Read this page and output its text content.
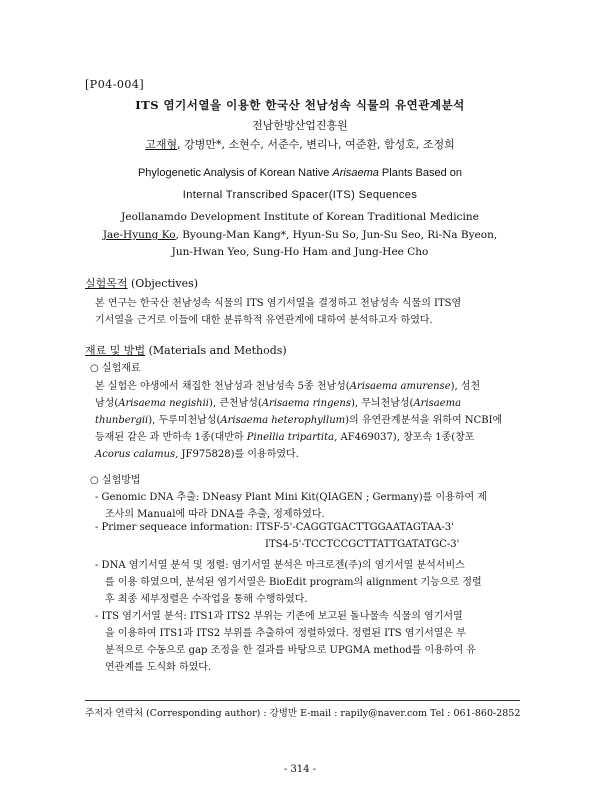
[P04-004]
ITS 염기서열을 이용한 한국산 천남성속 식물의 유연관계분석
전남한방산업진흥원
고재형, 강병만*, 소현수, 서준수, 변리나, 여준환, 함성호, 조정희
Phylogenetic Analysis of Korean Native Arisaema Plants Based on
Internal Transcribed Spacer(ITS) Sequences
Jeollanamdo Development Institute of Korean Traditional Medicine
Jae-Hyung Ko, Byoung-Man Kang*, Hyun-Su So, Jun-Su Seo, Ri-Na Byeon,
Jun-Hwan Yeo, Sung-Ho Ham and Jung-Hee Cho
실험목적 (Objectives)
본 연구는 한국산 천남성속 식물의 ITS 염기서열을 결정하고 천남성속 식물의 ITS염
기서열을 근거로 이들에 대한 분류학적 유연관계에 대하여 분석하고자 하였다.
재료 및 방법 (Materials and Methods)
○ 실험재료
본 실험은 야생에서 채집한 천남성과 천남성속 5종 천남성(Arisaema amurense), 섬천
남성(Arisaema negishii), 큰천남성(Arisaema ringens), 무늬천남성(Arisaema
thunbergii), 두루미천남성(Arisaema heterophyllum)의 유연관계분석을 위하여 NCBI에
등재된 같은 과 반하속 1종(대반하 Pinellia tripartita, AF469037), 창포속 1종(창포
Acorus calamus, JF975828)를 이용하였다.
○ 실험방법
- Genomic DNA 추출: DNeasy Plant Mini Kit(QIAGEN ; Germany)를 이용하여 제
조사의 Manual에 따라 DNA를 추출, 정제하였다.
- Primer sequeace information: ITSF-5'-CAGGTGACTTGGAATAGTAA-3'
ITS4-5'-TCCTCCGCTTATTGATATGC-3'
- DNA 염기서열 분석 및 정렬: 염기서열 분석은 마크로젠(주)의 염기서열 분석서비스
를 이용 하였으며, 분석된 염기서열은 BioEdit program의 alignment 기능으로 정렬
후 최종 세부정렬은 수작업을 통해 수행하였다.
- ITS 염기서열 분석: ITS1과 ITS2 부위는 기존에 보고된 돌나물속 식물의 염기서열
을 이용하여 ITS1과 ITS2 부위를 추출하여 정렬하였다. 정렬된 ITS 염기서열은 부
분적으로 수동으로 gap 조정을 한 결과를 바탕으로 UPGMA method를 이용하여 유
연관계를 도식화 하였다.
주저자 연락처 (Corresponding author) : 강병만 E-mail : rapily@naver.com Tel : 061-860-2852
- 314 -
